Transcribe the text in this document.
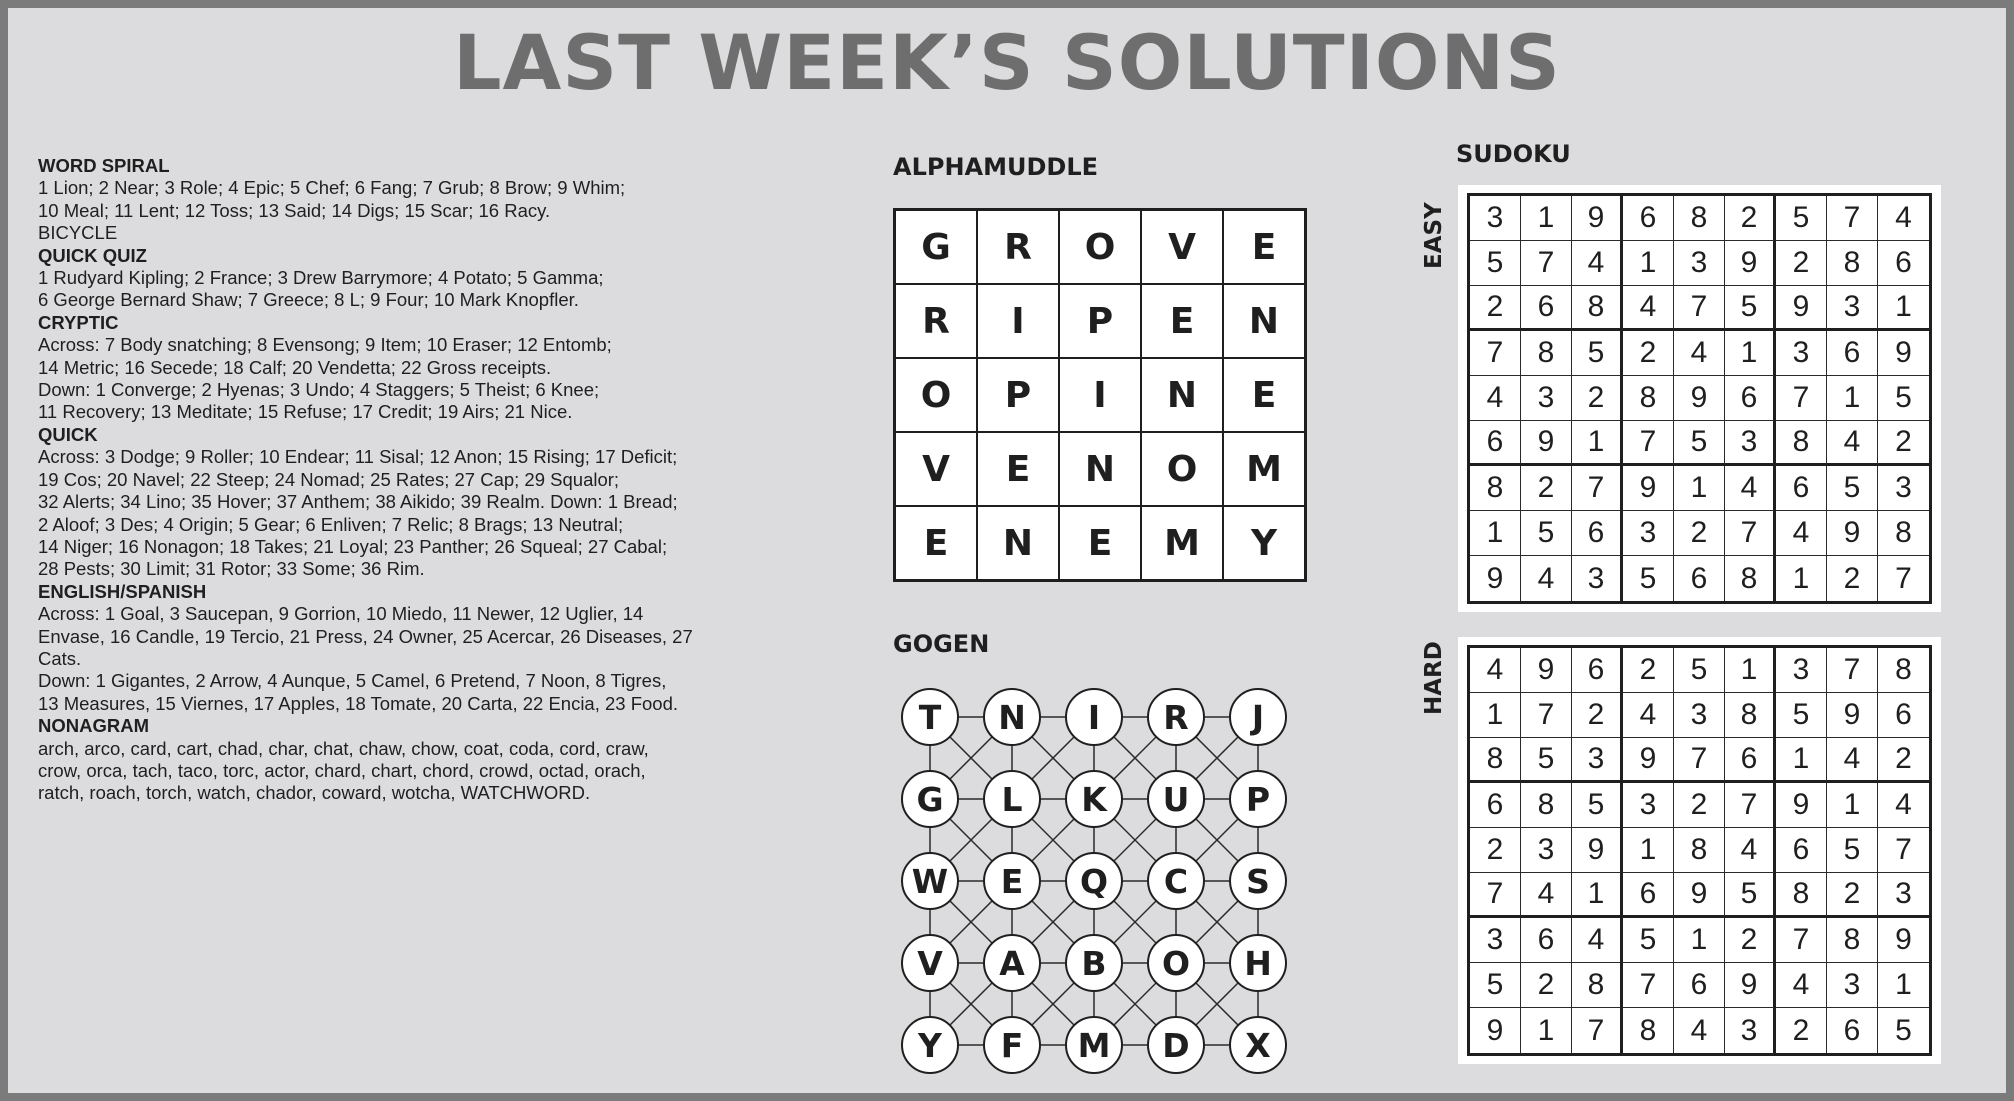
LAST WEEK’S SOLUTIONS
WORD SPIRAL
1 Lion; 2 Near; 3 Role; 4 Epic; 5 Chef; 6 Fang; 7 Grub; 8 Brow; 9 Whim;
10 Meal; 11 Lent; 12 Toss; 13 Said; 14 Digs; 15 Scar; 16 Racy.
BICYCLE
QUICK QUIZ
1 Rudyard Kipling; 2 France; 3 Drew Barrymore; 4 Potato; 5 Gamma;
6 George Bernard Shaw; 7 Greece; 8 L; 9 Four; 10 Mark Knopfler.
CRYPTIC
Across: 7 Body snatching; 8 Evensong; 9 Item; 10 Eraser; 12 Entomb;
14 Metric; 16 Secede; 18 Calf; 20 Vendetta; 22 Gross receipts.
Down: 1 Converge; 2 Hyenas; 3 Undo; 4 Staggers; 5 Theist; 6 Knee;
11 Recovery; 13 Meditate; 15 Refuse; 17 Credit; 19 Airs; 21 Nice.
QUICK
Across: 3 Dodge; 9 Roller; 10 Endear; 11 Sisal; 12 Anon; 15 Rising; 17 Deficit;
19 Cos; 20 Navel; 22 Steep; 24 Nomad; 25 Rates; 27 Cap; 29 Squalor;
32 Alerts; 34 Lino; 35 Hover; 37 Anthem; 38 Aikido; 39 Realm. Down: 1 Bread;
2 Aloof; 3 Des; 4 Origin; 5 Gear; 6 Enliven; 7 Relic; 8 Brags; 13 Neutral;
14 Niger; 16 Nonagon; 18 Takes; 21 Loyal; 23 Panther; 26 Squeal; 27 Cabal;
28 Pests; 30 Limit; 31 Rotor; 33 Some; 36 Rim.
ENGLISH/SPANISH
Across: 1 Goal, 3 Saucepan, 9 Gorrion, 10 Miedo, 11 Newer, 12 Uglier, 14
Envase, 16 Candle, 19 Tercio, 21 Press, 24 Owner, 25 Acercar, 26 Diseases, 27
Cats.
Down: 1 Gigantes, 2 Arrow, 4 Aunque, 5 Camel, 6 Pretend, 7 Noon, 8 Tigres,
13 Measures, 15 Viernes, 17 Apples, 18 Tomate, 20 Carta, 22 Encia, 23 Food.
NONAGRAM
arch, arco, card, cart, chad, char, chat, chaw, chow, coat, coda, cord, craw,
crow, orca, tach, taco, torc, actor, chard, chart, chord, crowd, octad, orach,
ratch, roach, torch, watch, chador, coward, wotcha, WATCHWORD.
ALPHAMUDDLE
G	R	O	V	E
R	I	P	E	N
O	P	I	N	E
V	E	N	O	M
E	N	E	M	Y
GOGEN
T	N	I	R	J
G	L	K	U	P
W	E	Q	C	S
V	A	B	O	H
Y	F	M	D	X
SUDOKU
EASY	3	1	9	6	8	2	5	7	4
5	7	4	1	3	9	2	8	6
2	6	8	4	7	5	9	3	1
7	8	5	2	4	1	3	6	9
4	3	2	8	9	6	7	1	5
6	9	1	7	5	3	8	4	2
8	2	7	9	1	4	6	5	3
1	5	6	3	2	7	4	9	8
9	4	3	5	6	8	1	2	7
HARD	4	9	6	2	5	1	3	7	8
1	7	2	4	3	8	5	9	6
8	5	3	9	7	6	1	4	2
6	8	5	3	2	7	9	1	4
2	3	9	1	8	4	6	5	7
7	4	1	6	9	5	8	2	3
3	6	4	5	1	2	7	8	9
5	2	8	7	6	9	4	3	1
9	1	7	8	4	3	2	6	5
